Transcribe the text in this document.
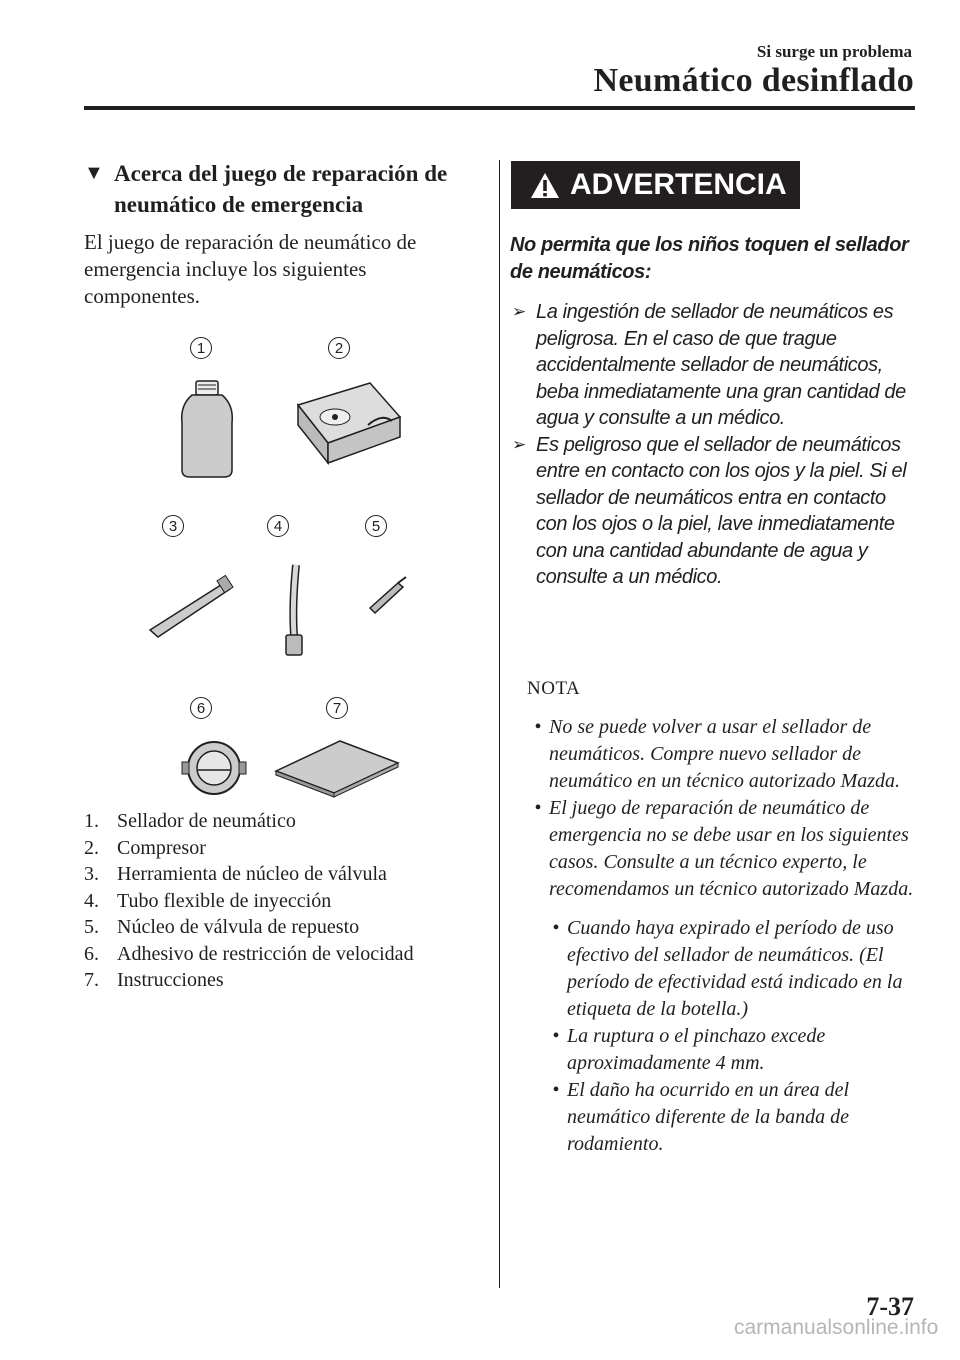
Si surge un problema
Neumático desinflado
▼ Acerca del juego de reparación de
neumático de emergencia
El juego de reparación de neumático de emergencia incluye los siguientes componentes.
1	2
3	4	5
6	7
1. Sellador de neumático
2. Compresor
3. Herramienta de núcleo de válvula
4. Tubo flexible de inyección
5. Núcleo de válvula de repuesto
6. Adhesivo de restricción de velocidad
7. Instrucciones
ADVERTENCIA
No permita que los niños toquen el sellador de neumáticos:
➢ La ingestión de sellador de neumáticos es peligrosa. En el caso de que trague accidentalmente sellador de neumáticos, beba inmediatamente una gran cantidad de agua y consulte a un médico.
➢ Es peligroso que el sellador de neumáticos entre en contacto con los ojos y la piel. Si el sellador de neumáticos entra en contacto con los ojos o la piel, lave inmediatamente con una cantidad abundante de agua y consulte a un médico.
NOTA
• No se puede volver a usar el sellador de neumáticos. Compre nuevo sellador de neumático en un técnico autorizado Mazda.
• El juego de reparación de neumático de emergencia no se debe usar en los siguientes casos. Consulte a un técnico experto, le recomendamos un técnico autorizado Mazda.
• Cuando haya expirado el período de uso efectivo del sellador de neumáticos. (El período de efectividad está indicado en la etiqueta de la botella.)
• La ruptura o el pinchazo excede aproximadamente 4 mm.
• El daño ha ocurrido en un área del neumático diferente de la banda de rodamiento.
7-37
carmanualsonline.info
